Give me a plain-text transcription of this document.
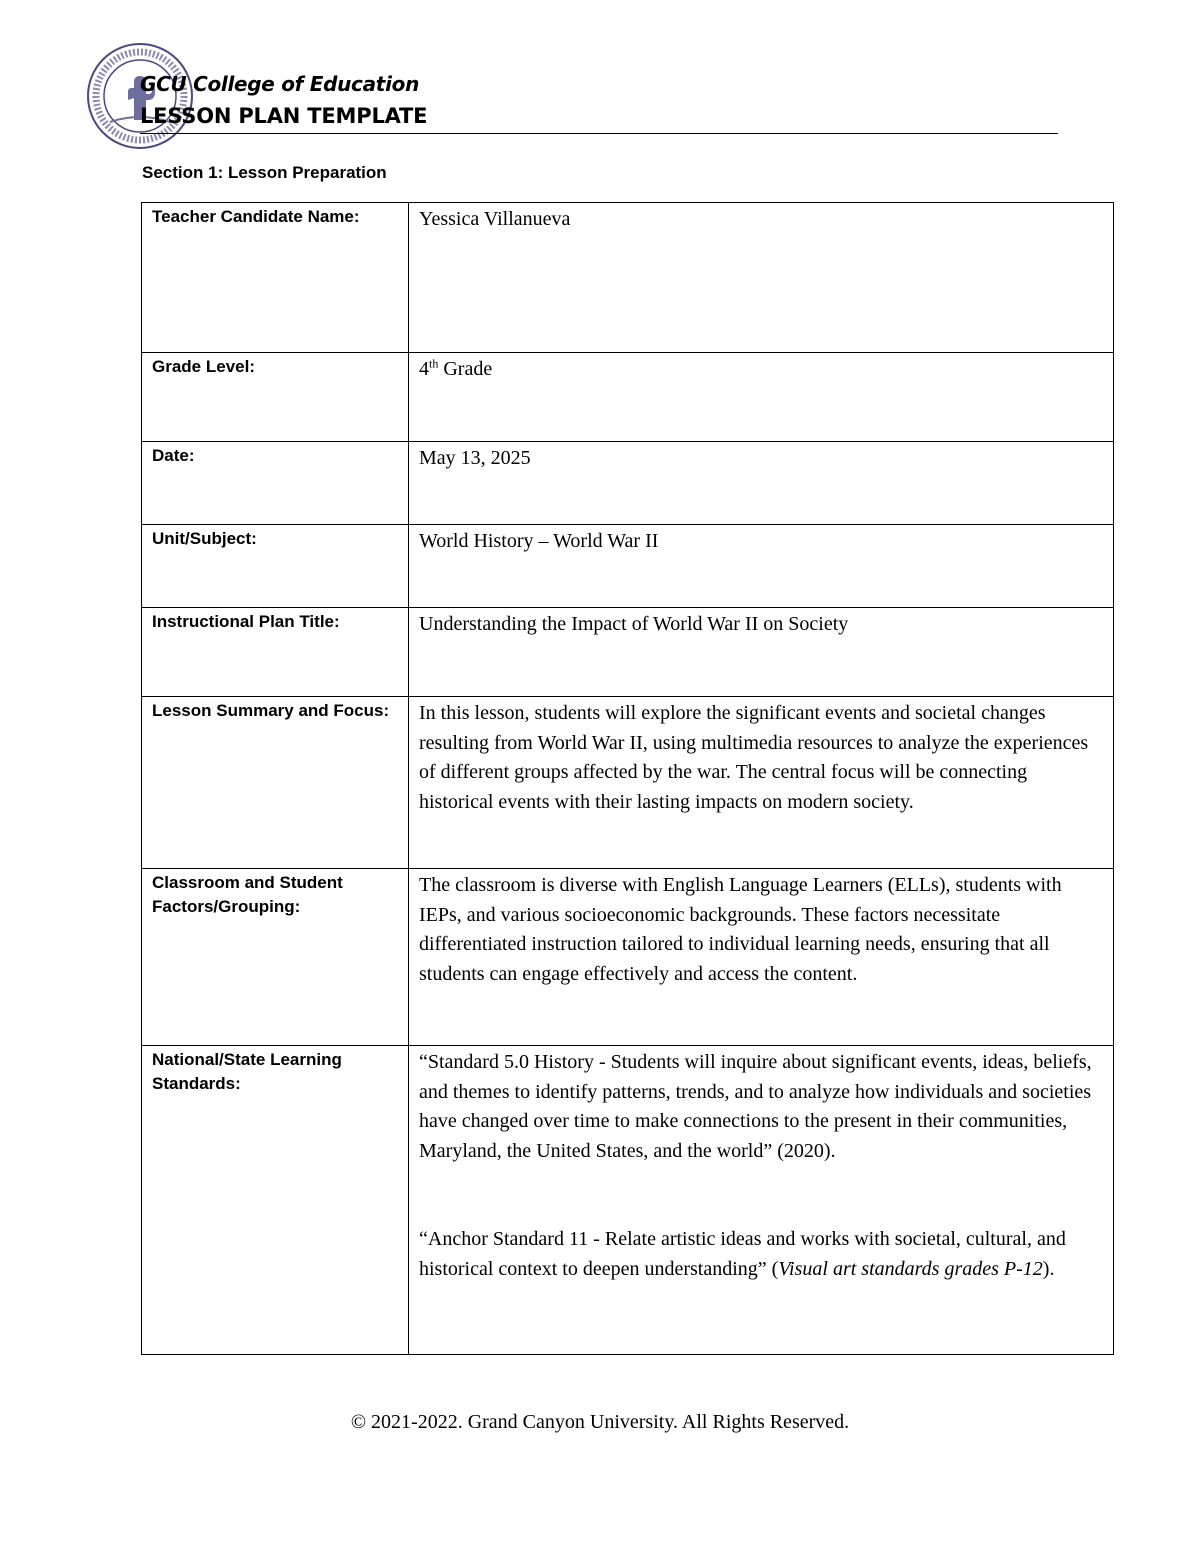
GCU College of Education
LESSON PLAN TEMPLATE
Section 1: Lesson Preparation
Teacher Candidate Name:	Yessica Villanueva
Grade Level:	4th Grade
Date:	May 13, 2025
Unit/Subject:	World History – World War II
Instructional Plan Title:	Understanding the Impact of World War II on Society
Lesson Summary and Focus:	In this lesson, students will explore the significant events and societal changes resulting from World War II, using multimedia resources to analyze the experiences of different groups affected by the war. The central focus will be connecting historical events with their lasting impacts on modern society.
Classroom and Student Factors/Grouping:	The classroom is diverse with English Language Learners (ELLs), students with IEPs, and various socioeconomic backgrounds. These factors necessitate differentiated instruction tailored to individual learning needs, ensuring that all students can engage effectively and access the content.
National/State Learning Standards:	“Standard 5.0 History - Students will inquire about significant events, ideas, beliefs, and themes to identify patterns, trends, and to analyze how individuals and societies have changed over time to make connections to the present in their communities, Maryland, the United States, and the world” (2020).

“Anchor Standard 11 - Relate artistic ideas and works with societal, cultural, and historical context to deepen understanding” (Visual art standards grades P-12).

© 2021-2022. Grand Canyon University. All Rights Reserved.
